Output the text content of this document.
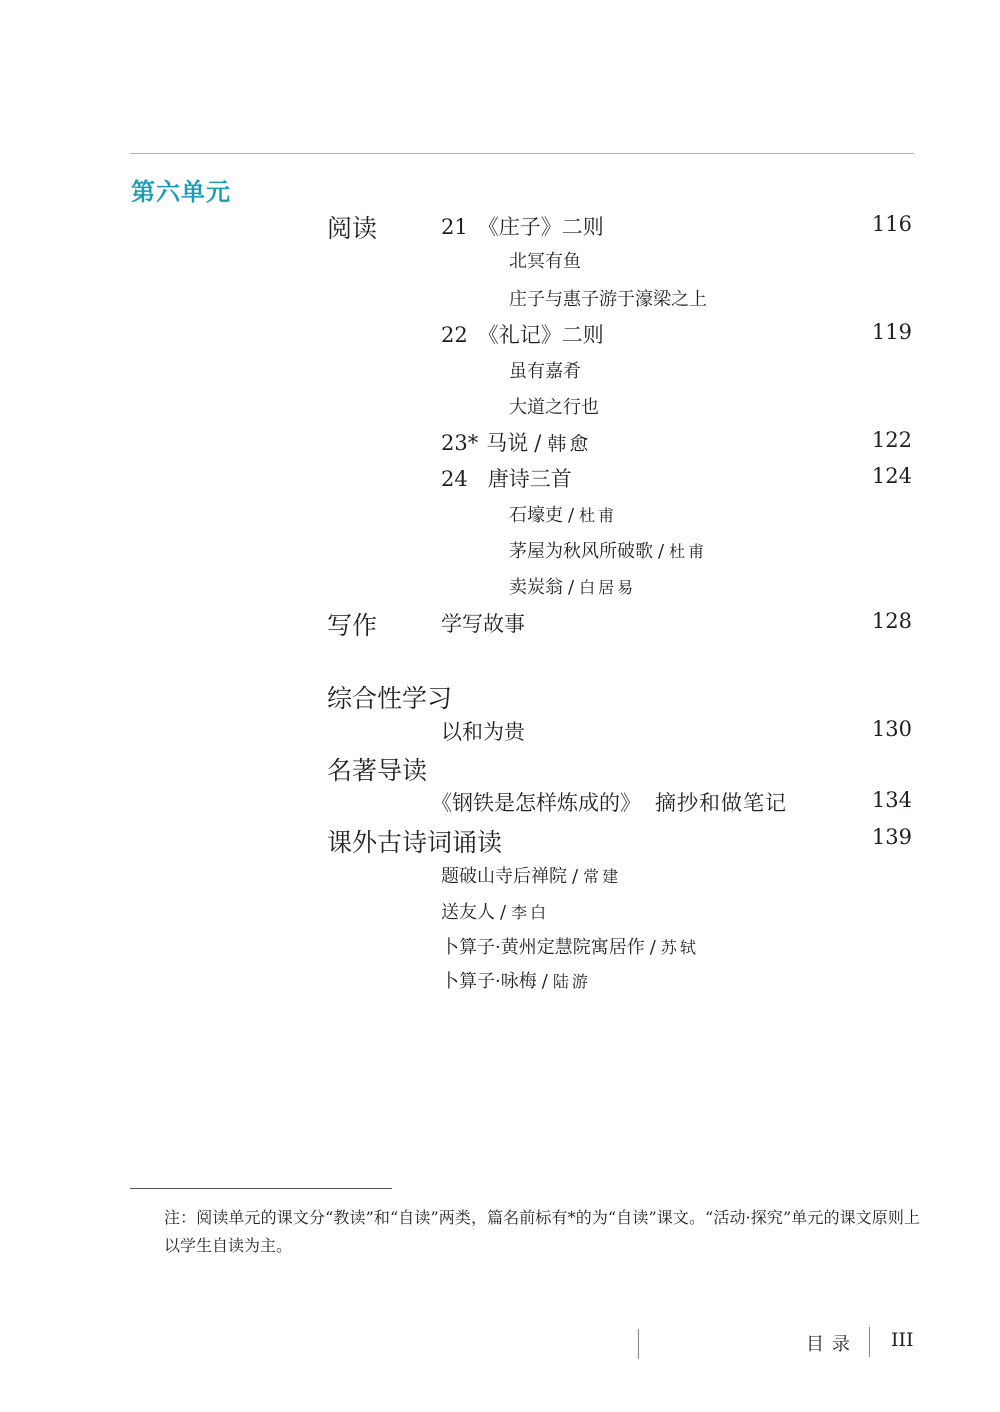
第六单元
阅读	21 《庄子》二则	116
北冥有鱼
庄子与惠子游于濠梁之上
22 《礼记》二则	119
虽有嘉肴
大道之行也
23* 马说 / 韩愈	122
24 唐诗三首	124
石壕吏 / 杜甫
茅屋为秋风所破歌 / 杜甫
卖炭翁 / 白居易
写作	学写故事	128
综合性学习
以和为贵	130
名著导读
《钢铁是怎样炼成的》 摘抄和做笔记	134
课外古诗词诵读	139
题破山寺后禅院 / 常建
送友人 / 李白
卜算子·黄州定慧院寓居作 / 苏轼
卜算子·咏梅 / 陆游
注：阅读单元的课文分“教读”和“自读”两类，篇名前标有*的为“自读”课文。“活动·探究”单元的课文原则上以学生自读为主。
目录 III
